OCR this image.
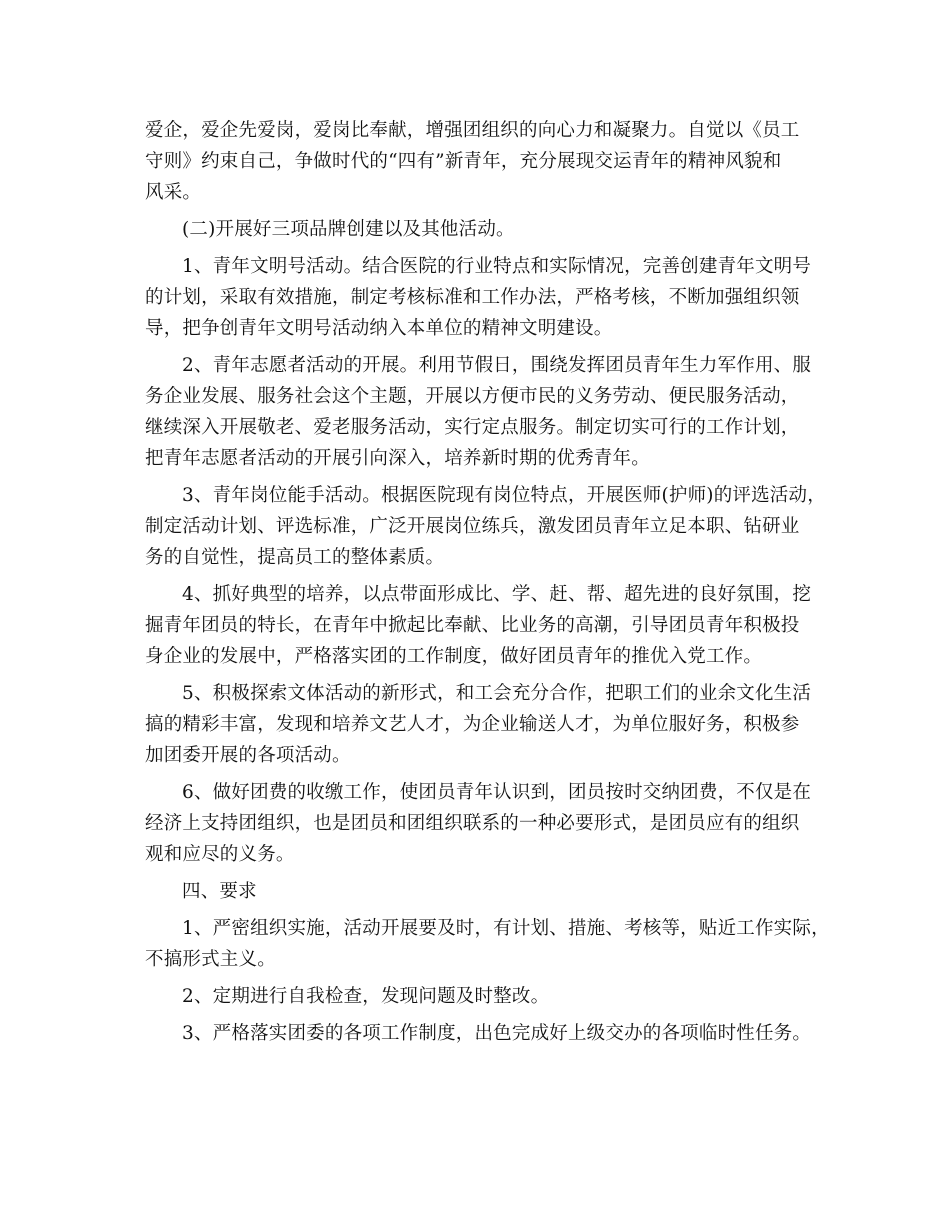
爱企，爱企先爱岗，爱岗比奉献，增强团组织的向心力和凝聚力。自觉以《员工
守则》约束自己，争做时代的“四有”新青年，充分展现交运青年的精神风貌和
风采。
(二)开展好三项品牌创建以及其他活动。
1、青年文明号活动。结合医院的行业特点和实际情况，完善创建青年文明号
的计划，采取有效措施，制定考核标准和工作办法，严格考核，不断加强组织领
导，把争创青年文明号活动纳入本单位的精神文明建设。
2、青年志愿者活动的开展。利用节假日，围绕发挥团员青年生力军作用、服
务企业发展、服务社会这个主题，开展以方便市民的义务劳动、便民服务活动，
继续深入开展敬老、爱老服务活动，实行定点服务。制定切实可行的工作计划，
把青年志愿者活动的开展引向深入，培养新时期的优秀青年。
3、青年岗位能手活动。根据医院现有岗位特点，开展医师(护师)的评选活动，
制定活动计划、评选标准，广泛开展岗位练兵，激发团员青年立足本职、钻研业
务的自觉性，提高员工的整体素质。
4、抓好典型的培养，以点带面形成比、学、赶、帮、超先进的良好氛围，挖
掘青年团员的特长，在青年中掀起比奉献、比业务的高潮，引导团员青年积极投
身企业的发展中，严格落实团的工作制度，做好团员青年的推优入党工作。
5、积极探索文体活动的新形式，和工会充分合作，把职工们的业余文化生活
搞的精彩丰富，发现和培养文艺人才，为企业输送人才，为单位服好务，积极参
加团委开展的各项活动。
6、做好团费的收缴工作，使团员青年认识到，团员按时交纳团费，不仅是在
经济上支持团组织，也是团员和团组织联系的一种必要形式，是团员应有的组织
观和应尽的义务。
四、要求
1、严密组织实施，活动开展要及时，有计划、措施、考核等，贴近工作实际，
不搞形式主义。
2、定期进行自我检查，发现问题及时整改。
3、严格落实团委的各项工作制度，出色完成好上级交办的各项临时性任务。
